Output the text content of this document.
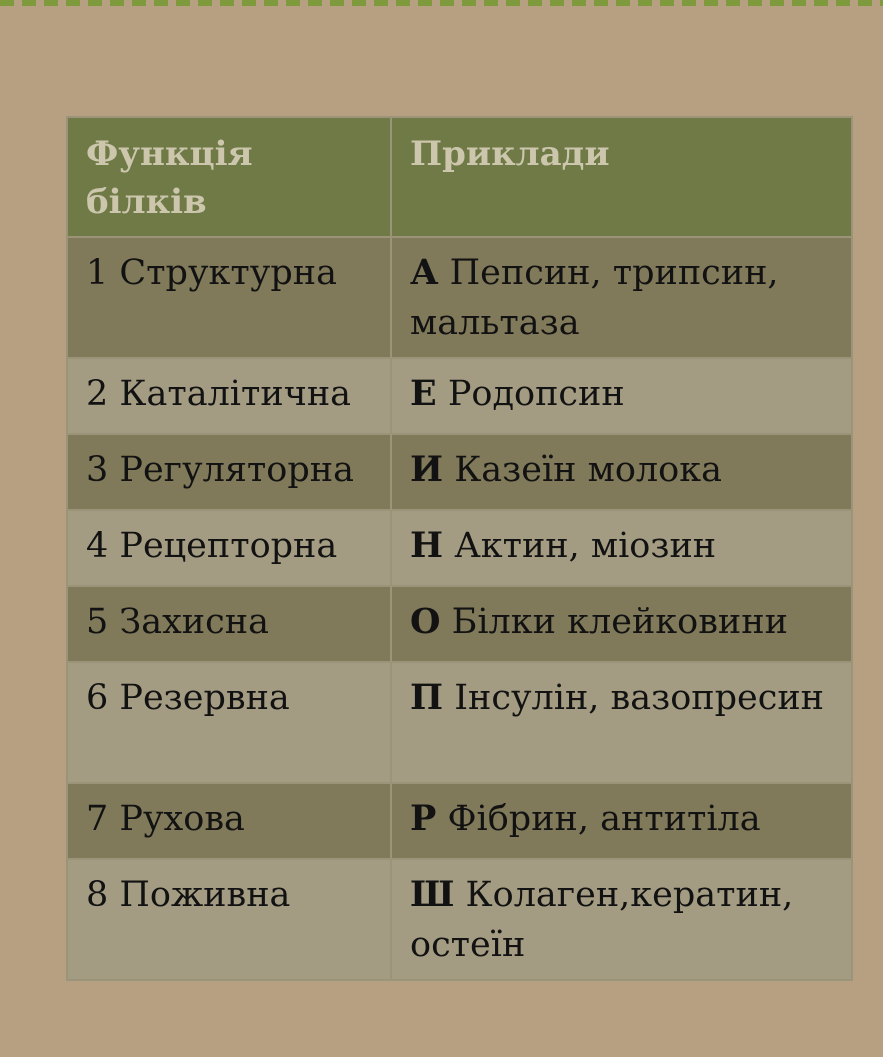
Функція білків	Приклади
1 Структурна	А Пепсин, трипсин, мальтаза
2 Каталітична	Е Родопсин
3 Регуляторна	И Казеїн молока
4 Рецепторна	Н Актин, міозин
5 Захисна	О Білки клейковини
6 Резервна	П Інсулін, вазопресин
7 Рухова	Р Фібрин, антитіла
8 Поживна	Ш Колаген,кератин, остеїн
